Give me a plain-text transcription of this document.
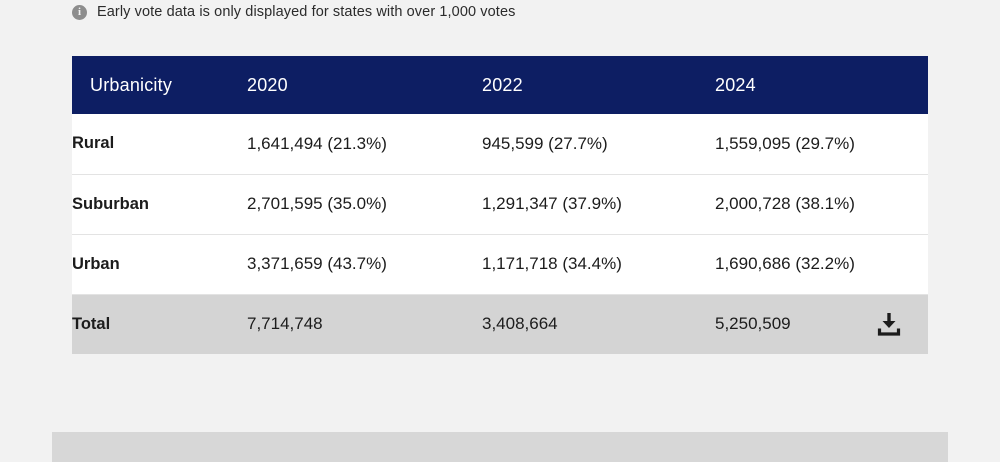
i	Early vote data is only displayed for states with over 1,000 votes
Urbanicity	2020	2022	2024
Rural	1,641,494 (21.3%)	945,599 (27.7%)	1,559,095 (29.7%)
Suburban	2,701,595 (35.0%)	1,291,347 (37.9%)	2,000,728 (38.1%)
Urban	3,371,659 (43.7%)	1,171,718 (34.4%)	1,690,686 (32.2%)
Total	7,714,748	3,408,664	5,250,509
